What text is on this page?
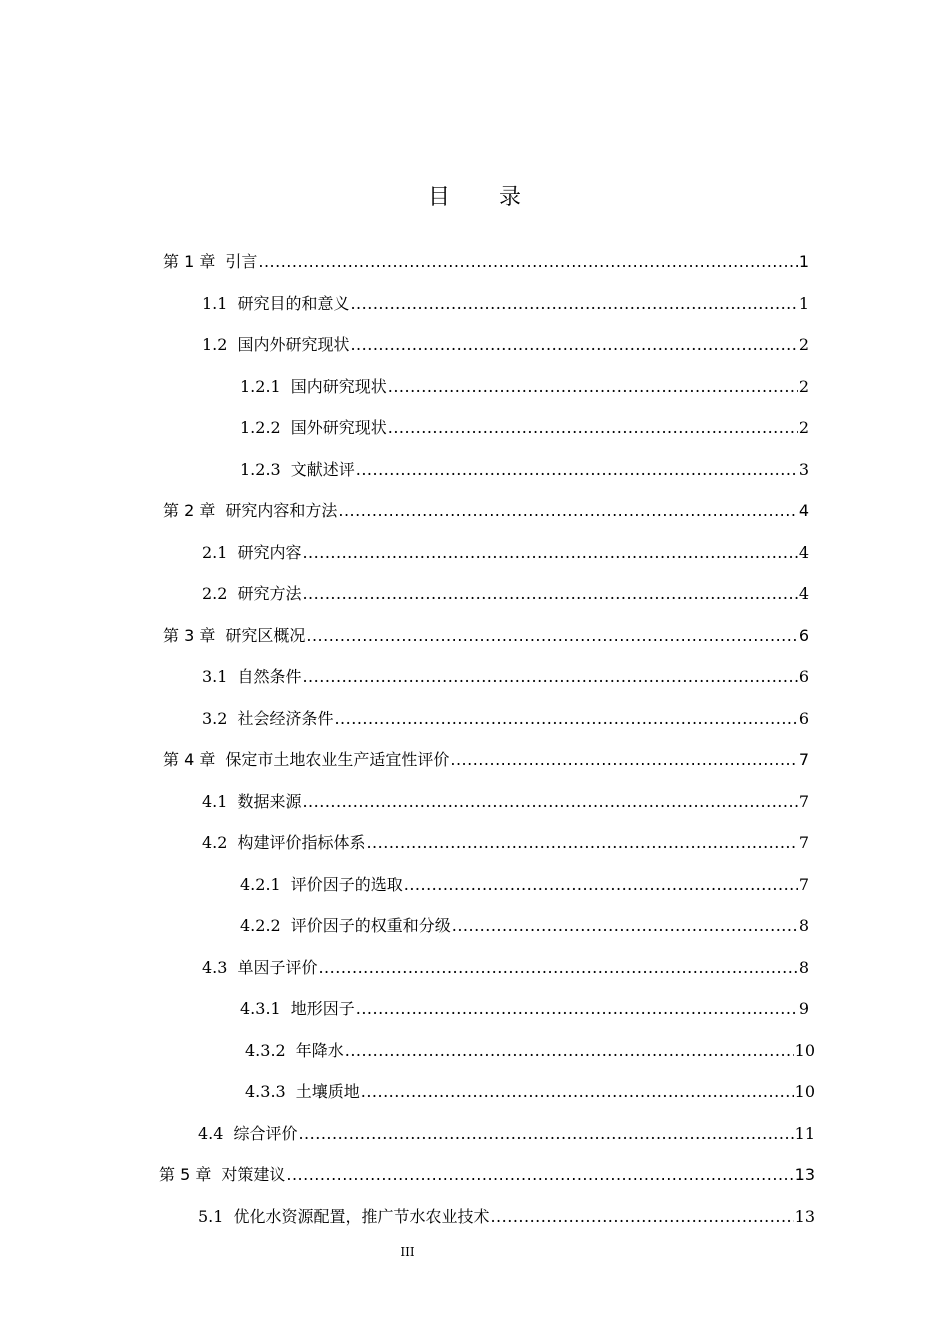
目 录
第 1 章 引言 .....	1
1.1 研究目的和意义 .....	1
1.2 国内外研究现状 .....	2
1.2.1 国内研究现状 .....	2
1.2.2 国外研究现状 .....	2
1.2.3 文献述评 .....	3
第 2 章 研究内容和方法 .....	4
2.1 研究内容 .....	4
2.2 研究方法 .....	4
第 3 章 研究区概况 .....	6
3.1 自然条件 .....	6
3.2 社会经济条件 .....	6
第 4 章 保定市土地农业生产适宜性评价 .....	7
4.1 数据来源 .....	7
4.2 构建评价指标体系 .....	7
4.2.1 评价因子的选取 .....	7
4.2.2 评价因子的权重和分级 .....	8
4.3 单因子评价 .....	8
4.3.1 地形因子 .....	9
4.3.2 年降水 .....	10
4.3.3 土壤质地 .....	10
4.4 综合评价 .....	11
第 5 章 对策建议 .....	13
5.1 优化水资源配置，推广节水农业技术 .....	13
III
